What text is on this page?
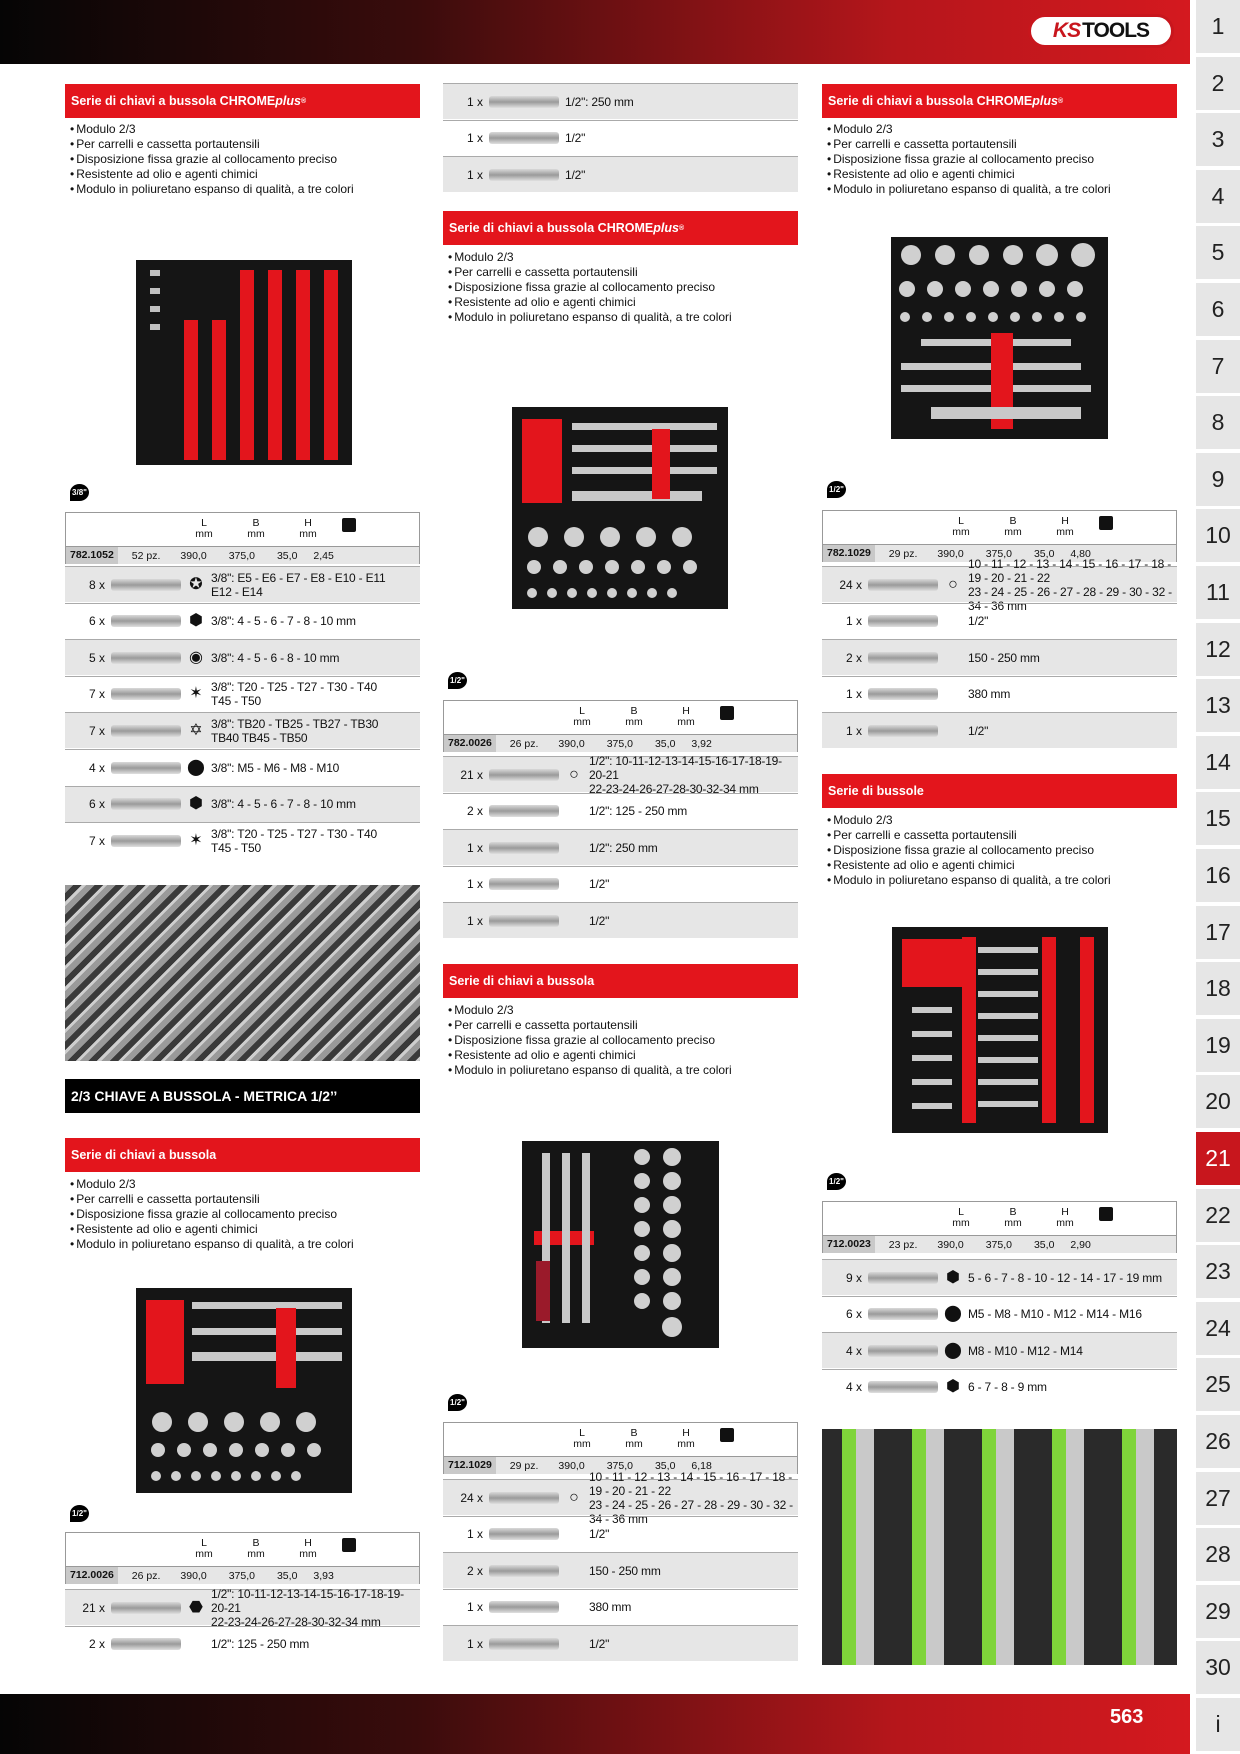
KS TOOLS	1
2
3
4
5
6
7
8
9
10
11
12
13
14
15
16
17
18
19
20
21
22
23
24
25
26
27
28
29
30
i
563
Serie di chiavi a bussola CHROME plus ®
• Modulo 2/3
• Per carrelli e cassetta portautensili
• Disposizione fissa grazie al collocamento preciso
• Resistente ad olio e agenti chimici
• Modulo in poliuretano espanso di qualità, a tre colori
3/8"
L
mm
B
mm
H
mm
782.1052	52 pz. 390,0 375,0 35,0 2,45
8 x	✪ 3/8": E5 - E6 - E7 - E8 - E10 - E11
E12 - E14
6 x	⬢ 3/8": 4 - 5 - 6 - 7 - 8 - 10 mm
5 x	◉ 3/8": 4 - 5 - 6 - 8 - 10 mm
7 x	✶ 3/8": T20 - T25 - T27 - T30 - T40
T45 - T50
7 x	✡ 3/8": TB20 - TB25 - TB27 - TB30
TB40 TB45 - TB50
4 x	⬤ 3/8": M5 - M6 - M8 - M10
6 x	⬢ 3/8": 4 - 5 - 6 - 7 - 8 - 10 mm
7 x	✶ 3/8": T20 - T25 - T27 - T30 - T40
T45 - T50
2/3 CHIAVE A BUSSOLA - METRICA 1/2’’
Serie di chiavi a bussola
• Modulo 2/3
• Per carrelli e cassetta portautensili
• Disposizione fissa grazie al collocamento preciso
• Resistente ad olio e agenti chimici
• Modulo in poliuretano espanso di qualità, a tre colori
1/2"
L
mm
B
mm
H
mm
712.0026	26 pz. 390,0 375,0 35,0 3,93
21 x	⬣
1/2": 10-11-12-13-14-15-16-17-18-19-20-21
22-23-24-26-27-28-30-32-34 mm
2 x	1/2": 125 - 250 mm
1 x	1/2": 250 mm
1 x	1/2"
1 x	1/2"
Serie di chiavi a bussola CHROME plus ®
• Modulo 2/3
• Per carrelli e cassetta portautensili
• Disposizione fissa grazie al collocamento preciso
• Resistente ad olio e agenti chimici
• Modulo in poliuretano espanso di qualità, a tre colori
1/2"
L
mm
B
mm
H
mm
782.0026	26 pz. 390,0 375,0 35,0 3,92
21 x	○
1/2": 10-11-12-13-14-15-16-17-18-19-20-21
22-23-24-26-27-28-30-32-34 mm
2 x	1/2": 125 - 250 mm
1 x	1/2": 250 mm
1 x	1/2"
1 x	1/2"
Serie di chiavi a bussola
• Modulo 2/3
• Per carrelli e cassetta portautensili
• Disposizione fissa grazie al collocamento preciso
• Resistente ad olio e agenti chimici
• Modulo in poliuretano espanso di qualità, a tre colori
1/2"
L
mm
B
mm
H
mm
712.1029	29 pz. 390,0 375,0 35,0 6,18
24 x	○
10 - 11 - 12 - 13 - 14 - 15 - 16 - 17 - 18 - 19 - 20 - 21 - 22
23 - 24 - 25 - 26 - 27 - 28 - 29 - 30 - 32 - 34 - 36 mm
1 x	1/2"
2 x	150 - 250 mm
1 x	380 mm
1 x	1/2"
Serie di chiavi a bussola CHROME plus ®
• Modulo 2/3
• Per carrelli e cassetta portautensili
• Disposizione fissa grazie al collocamento preciso
• Resistente ad olio e agenti chimici
• Modulo in poliuretano espanso di qualità, a tre colori
1/2"
L
mm
B
mm
H
mm
782.1029	29 pz. 390,0 375,0 35,0 4,80
24 x	○
10 - 11 - 12 - 13 - 14 - 15 - 16 - 17 - 18 - 19 - 20 - 21 - 22
23 - 24 - 25 - 26 - 27 - 28 - 29 - 30 - 32 - 34 - 36 mm
1 x	1/2"
2 x	150 - 250 mm
1 x	380 mm
1 x	1/2"
Serie di bussole
• Modulo 2/3
• Per carrelli e cassetta portautensili
• Disposizione fissa grazie al collocamento preciso
• Resistente ad olio e agenti chimici
• Modulo in poliuretano espanso di qualità, a tre colori
1/2"
L
mm
B
mm
H
mm
712.0023	23 pz. 390,0 375,0 35,0 2,90
9 x	⬢ 5 - 6 - 7 - 8 - 10 - 12 - 14 - 17 - 19 mm
6 x	⬤ M5 - M8 - M10 - M12 - M14 - M16
4 x	⬤ M8 - M10 - M12 - M14
4 x	⬢ 6 - 7 - 8 - 9 mm
